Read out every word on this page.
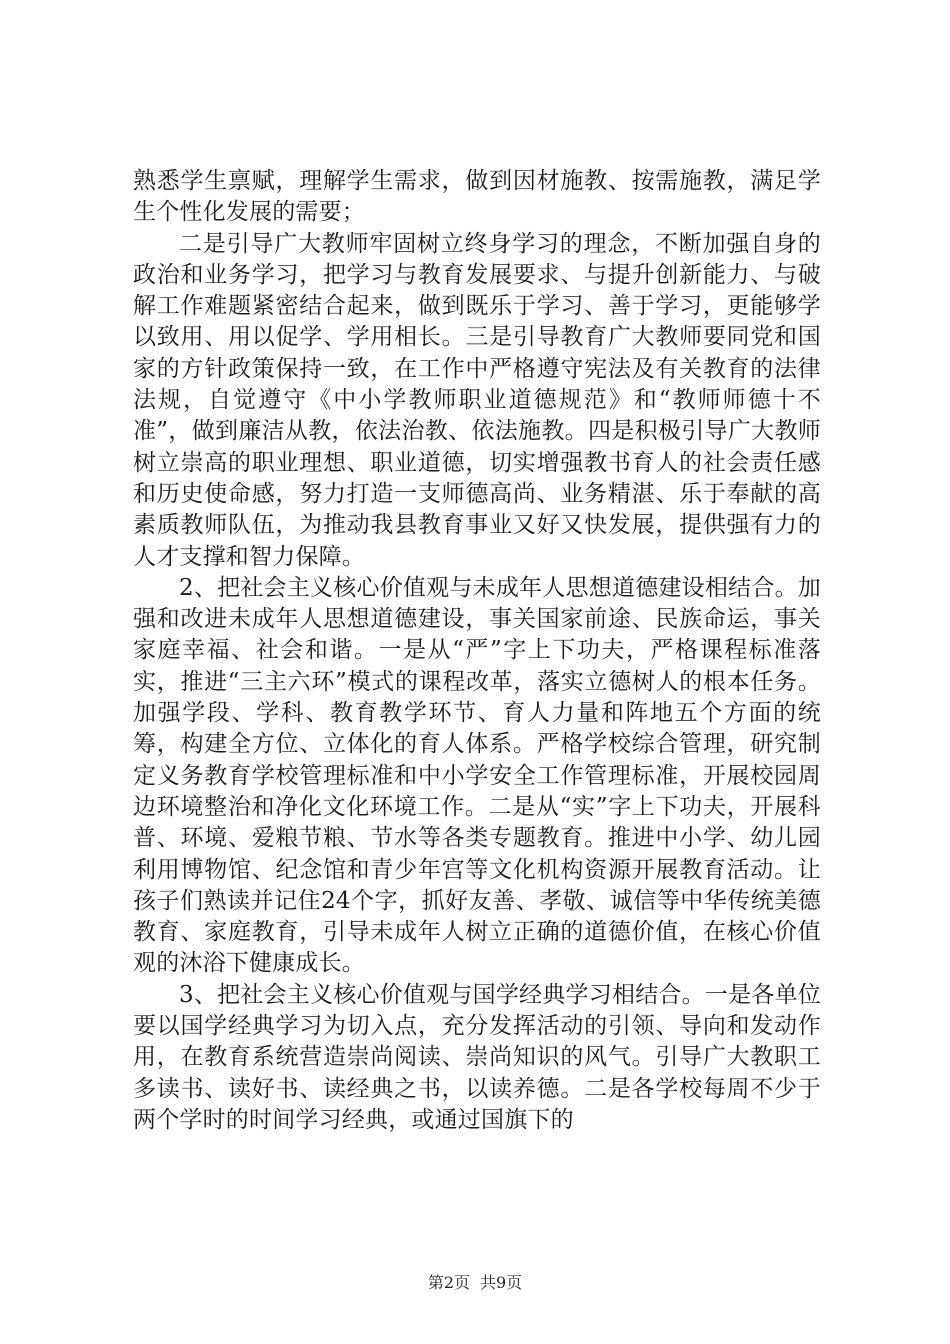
熟悉学生禀赋，理解学生需求，做到因材施教、按需施教，满足学生个性化发展的需要；

二是引导广大教师牢固树立终身学习的理念，不断加强自身的政治和业务学习，把学习与教育发展要求、与提升创新能力、与破解工作难题紧密结合起来，做到既乐于学习、善于学习，更能够学以致用、用以促学、学用相长。三是引导教育广大教师要同党和国家的方针政策保持一致，在工作中严格遵守宪法及有关教育的法律法规，自觉遵守《中小学教师职业道德规范》和“教师师德十不准”，做到廉洁从教，依法治教、依法施教。四是积极引导广大教师树立崇高的职业理想、职业道德，切实增强教书育人的社会责任感和历史使命感，努力打造一支师德高尚、业务精湛、乐于奉献的高素质教师队伍，为推动我县教育事业又好又快发展，提供强有力的人才支撑和智力保障。

2、把社会主义核心价值观与未成年人思想道德建设相结合。加强和改进未成年人思想道德建设，事关国家前途、民族命运，事关家庭幸福、社会和谐。一是从“严”字上下功夫，严格课程标准落实，推进“三主六环”模式的课程改革，落实立德树人的根本任务。加强学段、学科、教育教学环节、育人力量和阵地五个方面的统筹，构建全方位、立体化的育人体系。严格学校综合管理，研究制定义务教育学校管理标准和中小学安全工作管理标准，开展校园周边环境整治和净化文化环境工作。二是从“实”字上下功夫，开展科普、环境、爱粮节粮、节水等各类专题教育。推进中小学、幼儿园利用博物馆、纪念馆和青少年宫等文化机构资源开展教育活动。让孩子们熟读并记住24个字，抓好友善、孝敬、诚信等中华传统美德教育、家庭教育，引导未成年人树立正确的道德价值，在核心价值观的沐浴下健康成长。

3、把社会主义核心价值观与国学经典学习相结合。一是各单位要以国学经典学习为切入点，充分发挥活动的引领、导向和发动作用，在教育系统营造崇尚阅读、崇尚知识的风气。引导广大教职工多读书、读好书、读经典之书，以读养德。二是各学校每周不少于两个学时的时间学习经典，或通过国旗下的

第2页 共9页
